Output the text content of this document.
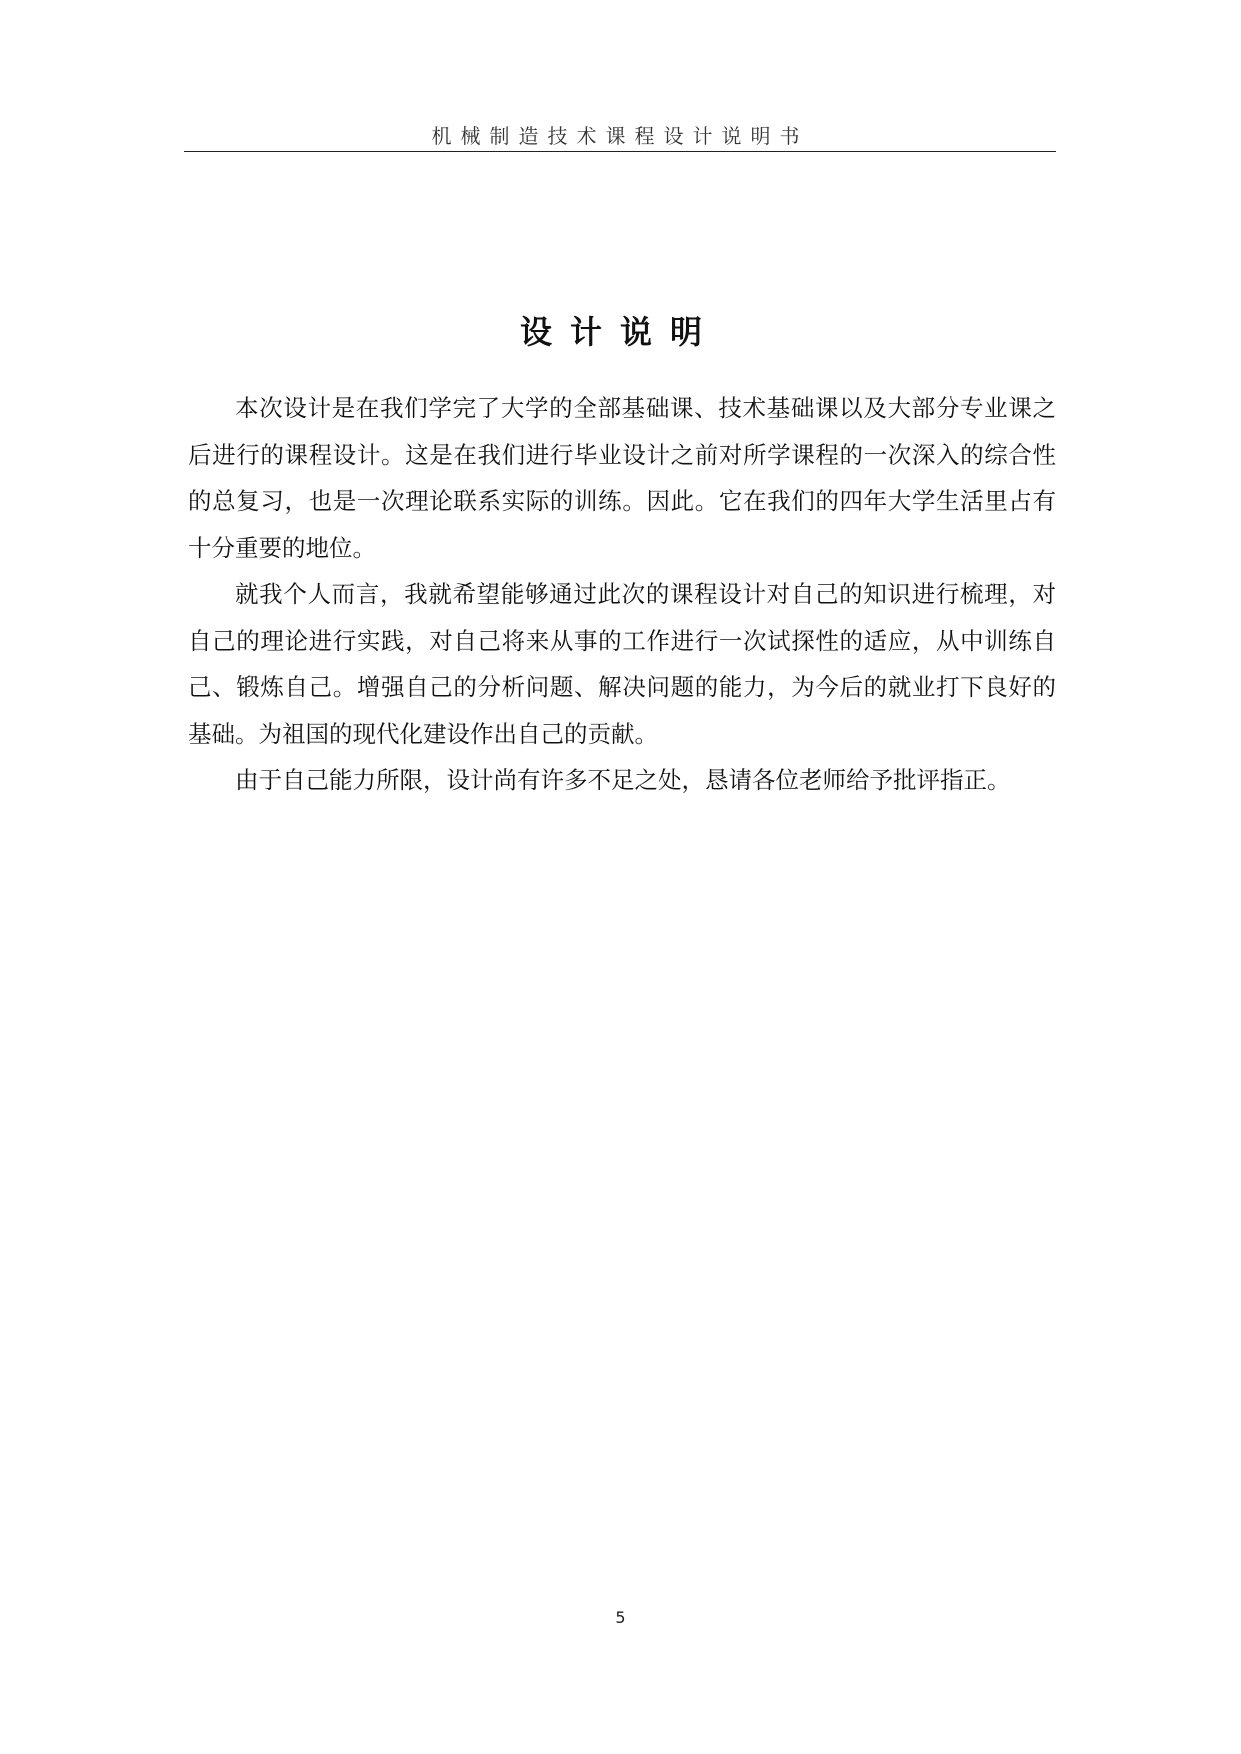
机械制造技术课程设计说明书
设计说明

本次设计是在我们学完了大学的全部基础课、技术基础课以及大部分专业课之后进行的课程设计。这是在我们进行毕业设计之前对所学课程的一次深入的综合性的总复习，也是一次理论联系实际的训练。因此。它在我们的四年大学生活里占有十分重要的地位。

就我个人而言，我就希望能够通过此次的课程设计对自己的知识进行梳理，对自己的理论进行实践，对自己将来从事的工作进行一次试探性的适应，从中训练自己、锻炼自己。增强自己的分析问题、解决问题的能力，为今后的就业打下良好的基础。为祖国的现代化建设作出自己的贡献。

由于自己能力所限，设计尚有许多不足之处，恳请各位老师给予批评指正。

5
